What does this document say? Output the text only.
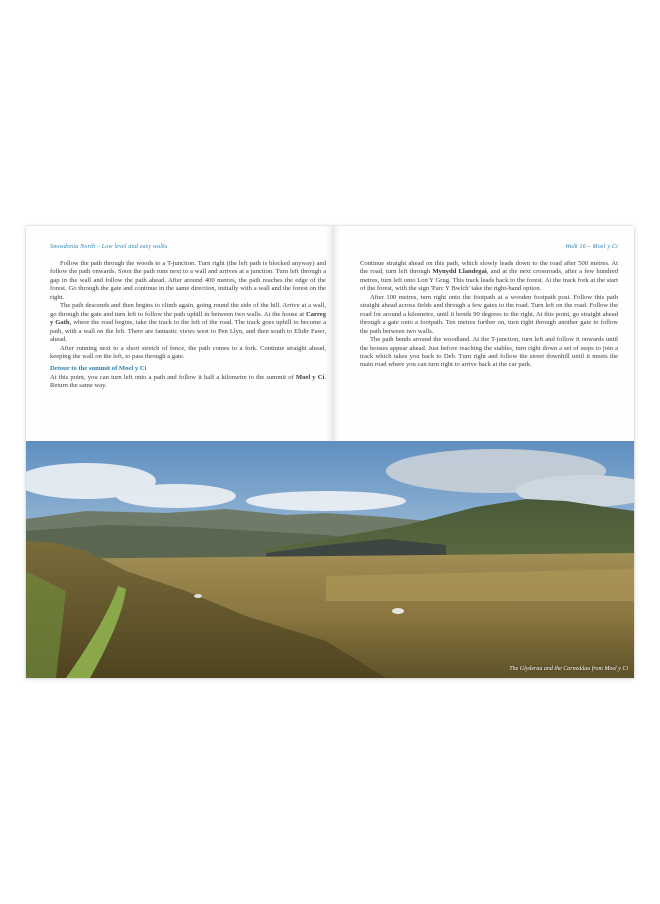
Snowdonia North – Low level and easy walks

Follow the path through the woods to a T-junction. Turn right (the left path is blocked anyway) and follow the path onwards. Soon the path runs next to a wall and arrives at a junction. Turn left through a gap in the wall and follow the path ahead. After around 400 metres, the path reaches the edge of the forest. Go through the gate and continue in the same direction, initially with a wall and the forest on the right.

The path descends and then begins to climb again, going round the side of the hill. Arrive at a wall, go through the gate and turn left to follow the path uphill in between two walls. At the house at Carreg y Gath, where the road begins, take the track to the left of the road. The track goes uphill to become a path, with a wall on the left. There are fantastic views west to Pen Llyn, and then south to Elidir Fawr, ahead.

After running next to a short stretch of fence, the path comes to a fork. Continue straight ahead, keeping the wall on the left, to pass through a gate.

Detour to the summit of Moel y Ci

At this point, you can turn left onto a path and follow it half a kilometre to the summit of Moel y Ci. Return the same way.

Walk 16 – Moel y Ci

Continue straight ahead on this path, which slowly leads down to the road after 500 metres. At the road, turn left through Mynydd Llandegai, and at the next crossroads, after a few hundred metres, turn left onto Lon Y Grug. This track leads back to the forest. At the track fork at the start of the forest, with the sign 'Parc Y Bwlch' take the right-hand option.

After 100 metres, turn right onto the footpath at a wooden footpath post. Follow this path straight ahead across fields and through a few gates to the road. Turn left on the road. Follow the road for around a kilometre, until it bends 90 degrees to the right. At this point, go straight ahead through a gate onto a footpath. Ten metres further on, turn right through another gate to follow the path between two walls.

The path bends around the woodland. At the T-junction, turn left and follow it onwards until the houses appear ahead. Just before reaching the stables, turn right down a set of steps to join a track which takes you back to Deb. Turn right and follow the street downhill until it meets the main road where you can turn right to arrive back at the car park.

The Glyderau and the Carneddau from Moel y Ci
